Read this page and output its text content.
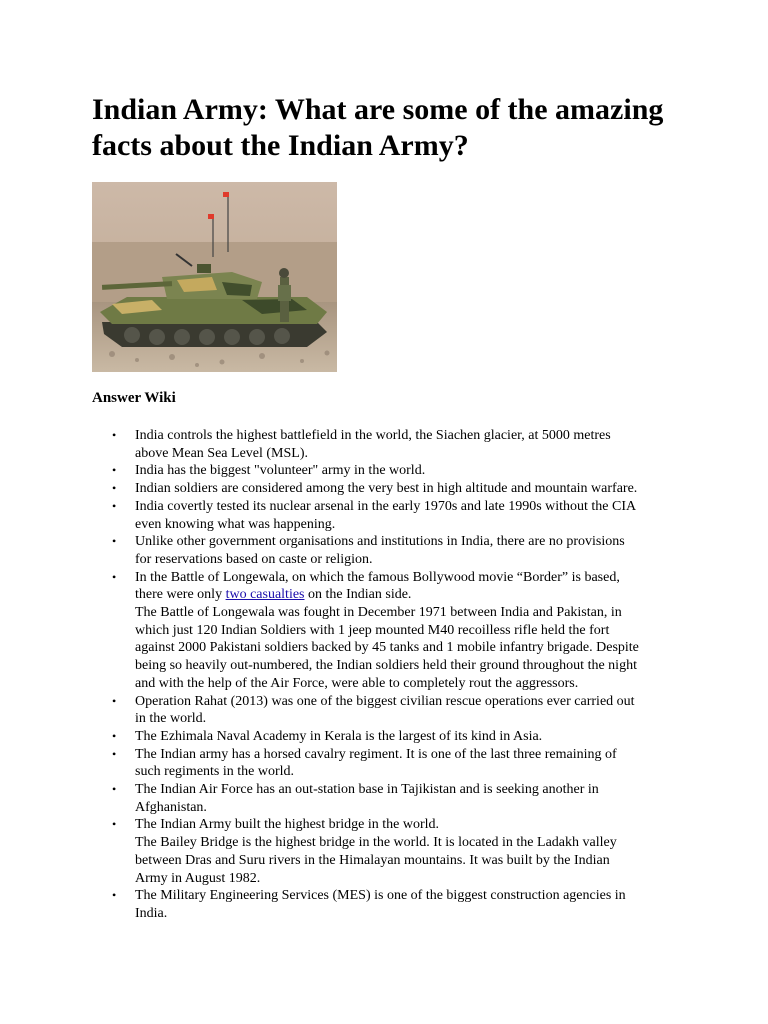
Indian Army: What are some of the amazing
facts about the Indian Army?
Answer Wiki
• India controls the highest battlefield in the world, the Siachen glacier, at 5000 metres
above Mean Sea Level (MSL).
• India has the biggest "volunteer" army in the world.
• Indian soldiers are considered among the very best in high altitude and mountain warfare.
• India covertly tested its nuclear arsenal in the early 1970s and late 1990s without the CIA
even knowing what was happening.
• Unlike other government organisations and institutions in India, there are no provisions
for reservations based on caste or religion.
• In the Battle of Longewala, on which the famous Bollywood movie “Border” is based,
there were only two casualties on the Indian side.
The Battle of Longewala was fought in December 1971 between India and Pakistan, in
which just 120 Indian Soldiers with 1 jeep mounted M40 recoilless rifle held the fort
against 2000 Pakistani soldiers backed by 45 tanks and 1 mobile infantry brigade. Despite
being so heavily out-numbered, the Indian soldiers held their ground throughout the night
and with the help of the Air Force, were able to completely rout the aggressors.
• Operation Rahat (2013) was one of the biggest civilian rescue operations ever carried out
in the world.
• The Ezhimala Naval Academy in Kerala is the largest of its kind in Asia.
• The Indian army has a horsed cavalry regiment. It is one of the last three remaining of
such regiments in the world.
• The Indian Air Force has an out-station base in Tajikistan and is seeking another in
Afghanistan.
• The Indian Army built the highest bridge in the world.
The Bailey Bridge is the highest bridge in the world. It is located in the Ladakh valley
between Dras and Suru rivers in the Himalayan mountains. It was built by the Indian
Army in August 1982.
• The Military Engineering Services (MES) is one of the biggest construction agencies in
India.
